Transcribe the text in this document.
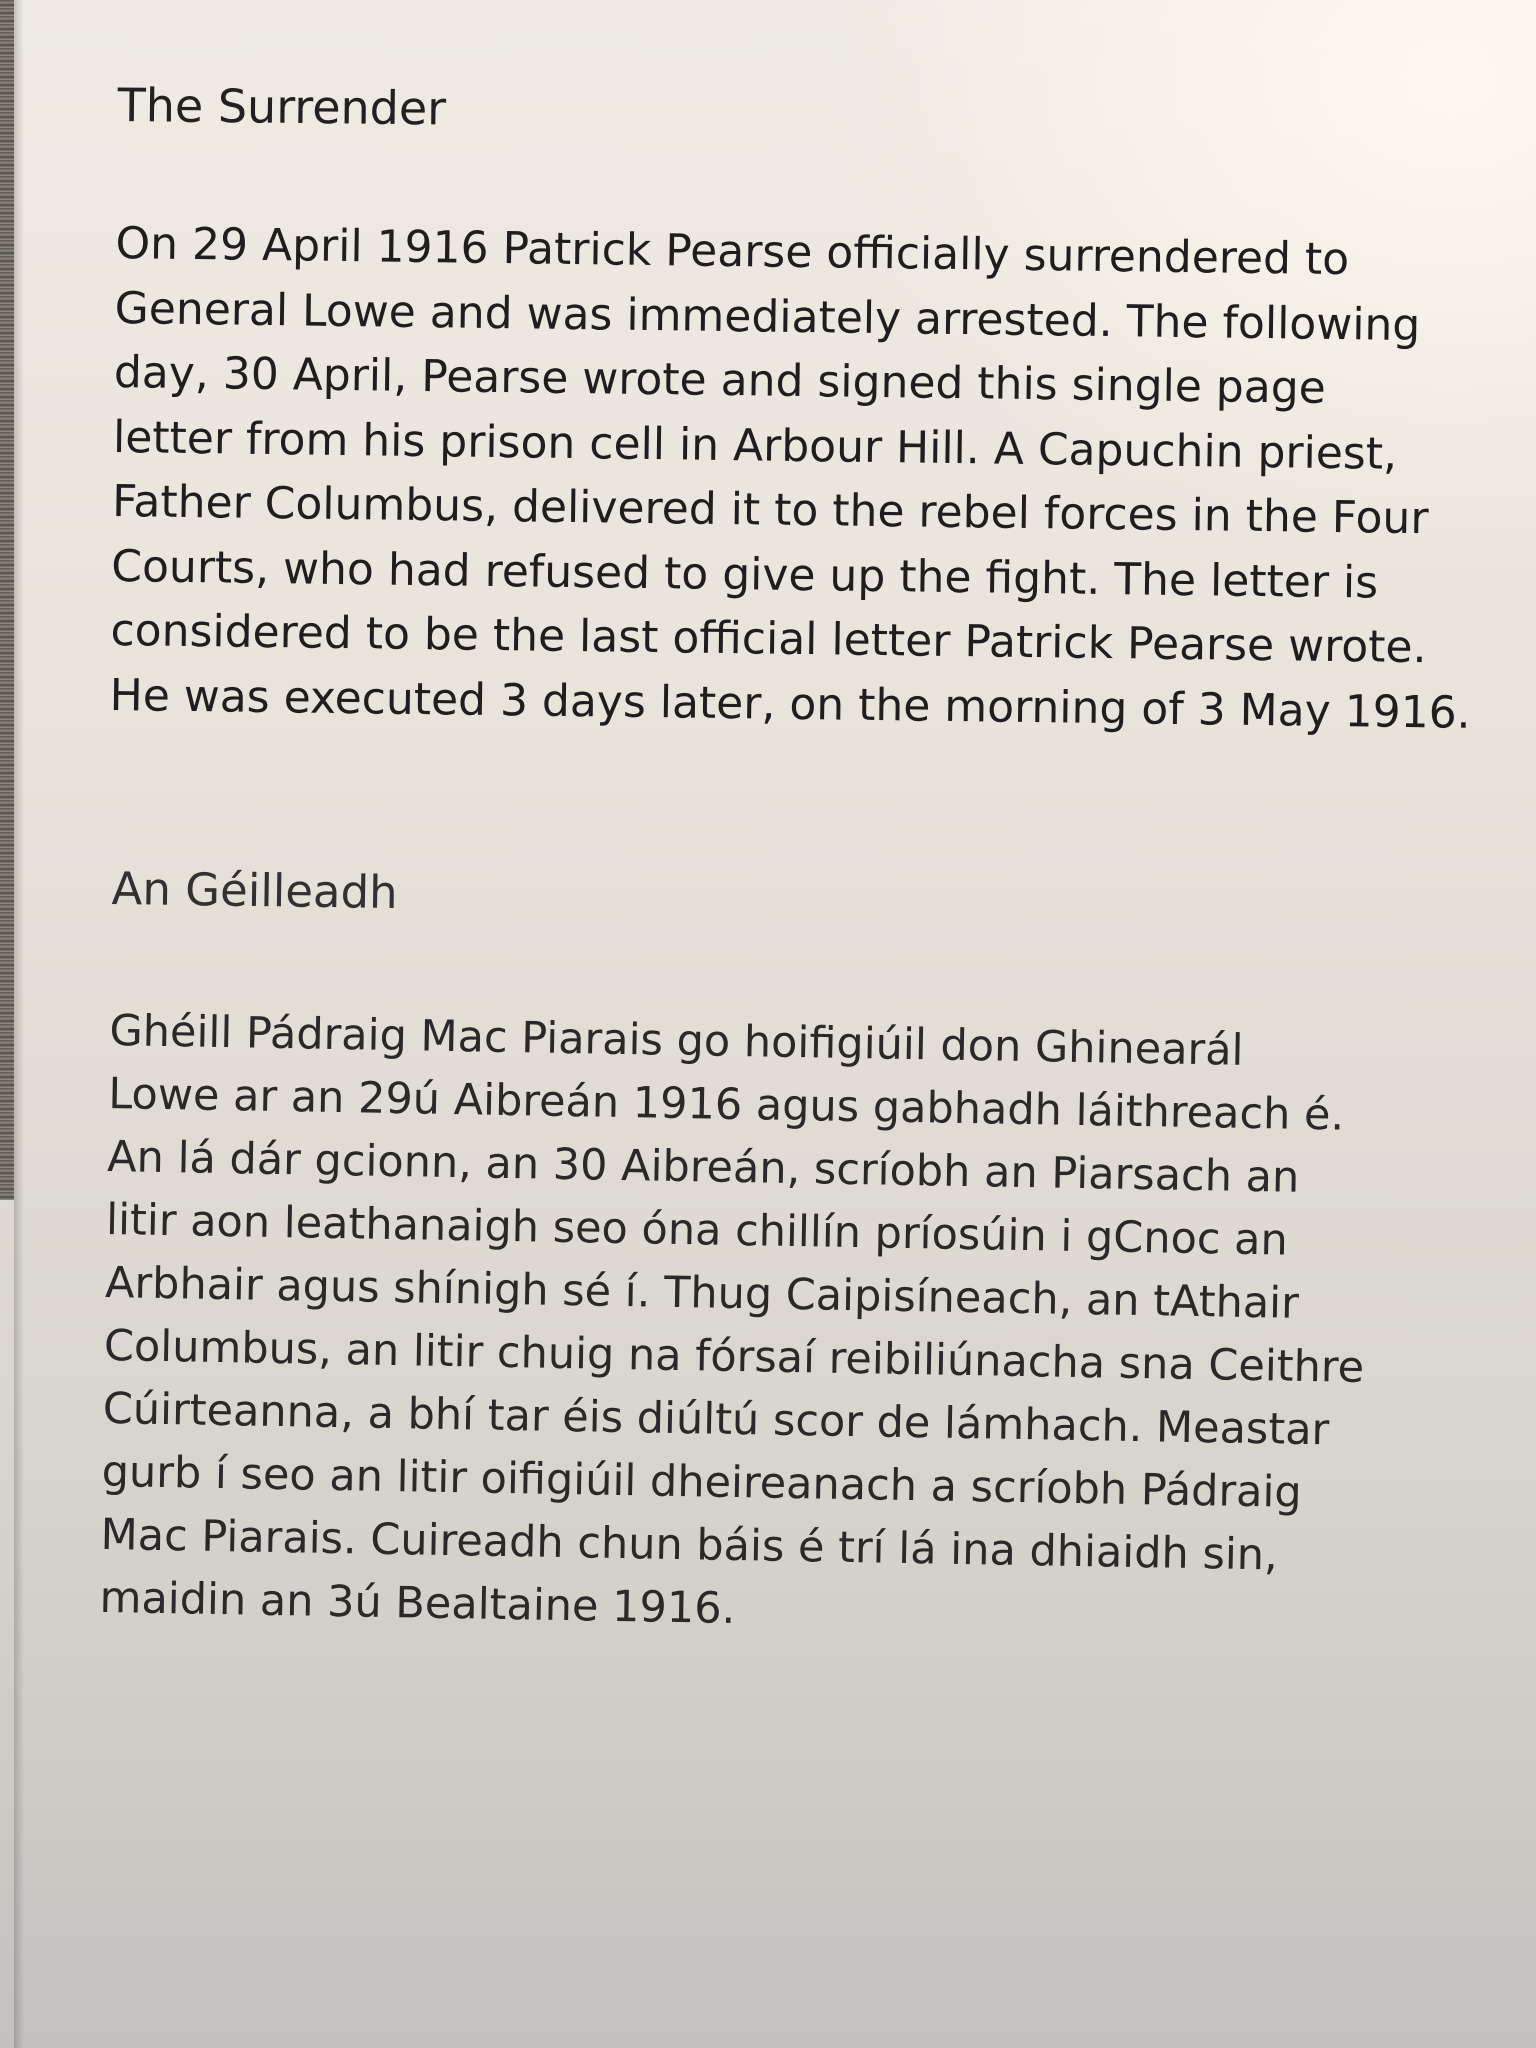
The Surrender
On 29 April 1916 Patrick Pearse officially surrendered to
General Lowe and was immediately arrested. The following
day, 30 April, Pearse wrote and signed this single page
letter from his prison cell in Arbour Hill. A Capuchin priest,
Father Columbus, delivered it to the rebel forces in the Four
Courts, who had refused to give up the fight. The letter is
considered to be the last official letter Patrick Pearse wrote.
He was executed 3 days later, on the morning of 3 May 1916.
An Géilleadh
Ghéill Pádraig Mac Piarais go hoifigiúil don Ghinearál
Lowe ar an 29ú Aibreán 1916 agus gabhadh láithreach é.
An lá dár gcionn, an 30 Aibreán, scríobh an Piarsach an
litir aon leathanaigh seo óna chillín príosúin i gCnoc an
Arbhair agus shínigh sé í. Thug Caipisíneach, an tAthair
Columbus, an litir chuig na fórsaí reibiliúnacha sna Ceithre
Cúirteanna, a bhí tar éis diúltú scor de lámhach. Meastar
gurb í seo an litir oifigiúil dheireanach a scríobh Pádraig
Mac Piarais. Cuireadh chun báis é trí lá ina dhiaidh sin,
maidin an 3ú Bealtaine 1916.
